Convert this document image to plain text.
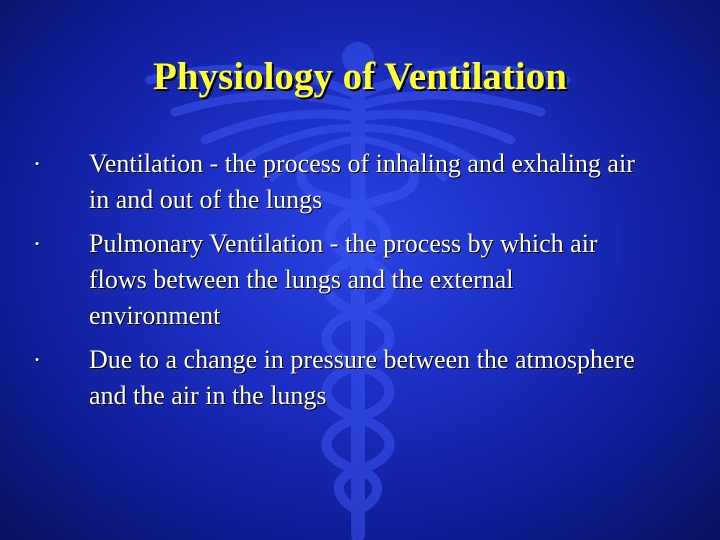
Physiology of Ventilation
• Ventilation - the process of inhaling and exhaling air in and out of the lungs
• Pulmonary Ventilation - the process by which air flows between the lungs and the external environment
• Due to a change in pressure between the atmosphere and the air in the lungs
